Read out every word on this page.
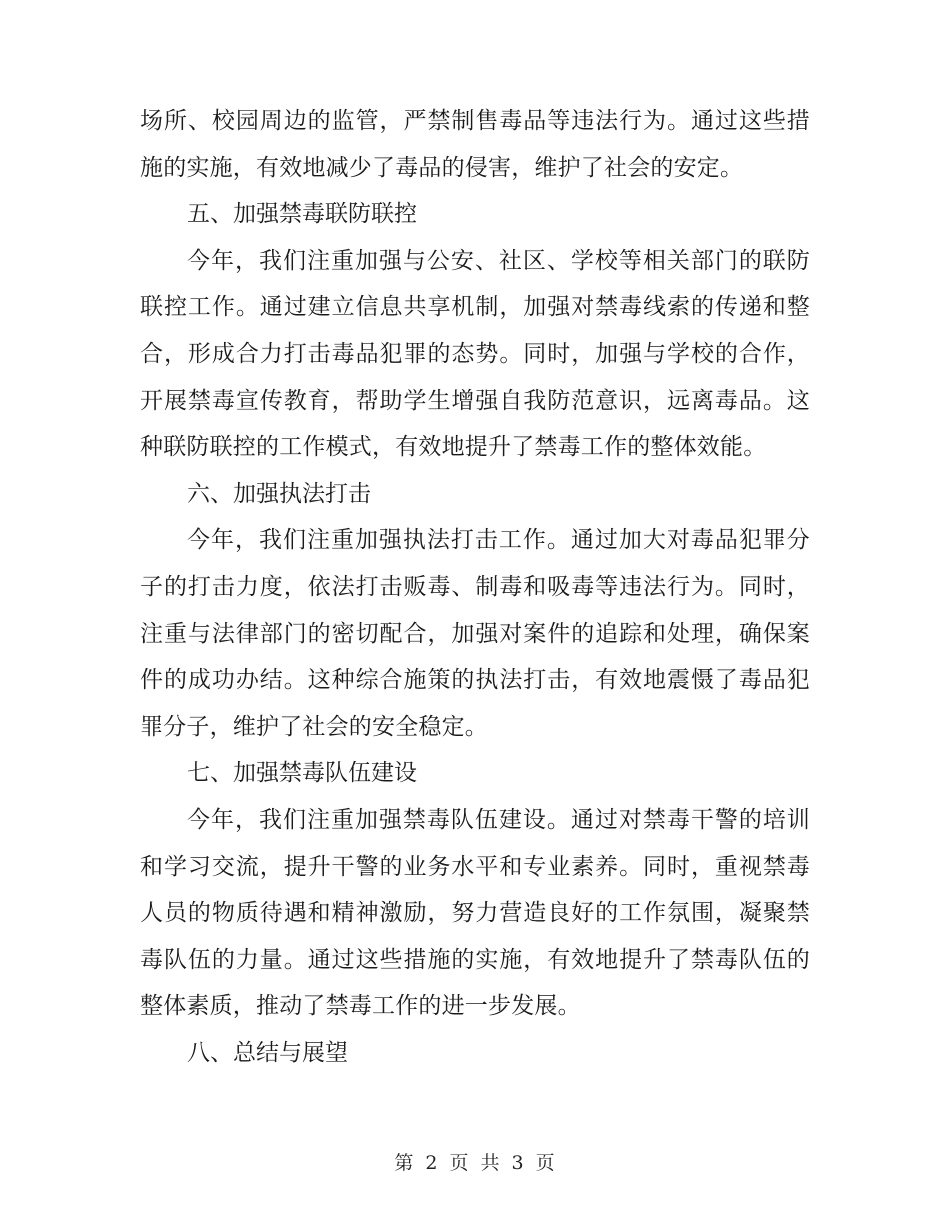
场所、校园周边的监管，严禁制售毒品等违法行为。通过这些措施的实施，有效地减少了毒品的侵害，维护了社会的安定。

五、加强禁毒联防联控

今年，我们注重加强与公安、社区、学校等相关部门的联防联控工作。通过建立信息共享机制，加强对禁毒线索的传递和整合，形成合力打击毒品犯罪的态势。同时，加强与学校的合作，开展禁毒宣传教育，帮助学生增强自我防范意识，远离毒品。这种联防联控的工作模式，有效地提升了禁毒工作的整体效能。

六、加强执法打击

今年，我们注重加强执法打击工作。通过加大对毒品犯罪分子的打击力度，依法打击贩毒、制毒和吸毒等违法行为。同时，注重与法律部门的密切配合，加强对案件的追踪和处理，确保案件的成功办结。这种综合施策的执法打击，有效地震慑了毒品犯罪分子，维护了社会的安全稳定。

七、加强禁毒队伍建设

今年，我们注重加强禁毒队伍建设。通过对禁毒干警的培训和学习交流，提升干警的业务水平和专业素养。同时，重视禁毒人员的物质待遇和精神激励，努力营造良好的工作氛围，凝聚禁毒队伍的力量。通过这些措施的实施，有效地提升了禁毒队伍的整体素质，推动了禁毒工作的进一步发展。

八、总结与展望

第 2 页 共 3 页
